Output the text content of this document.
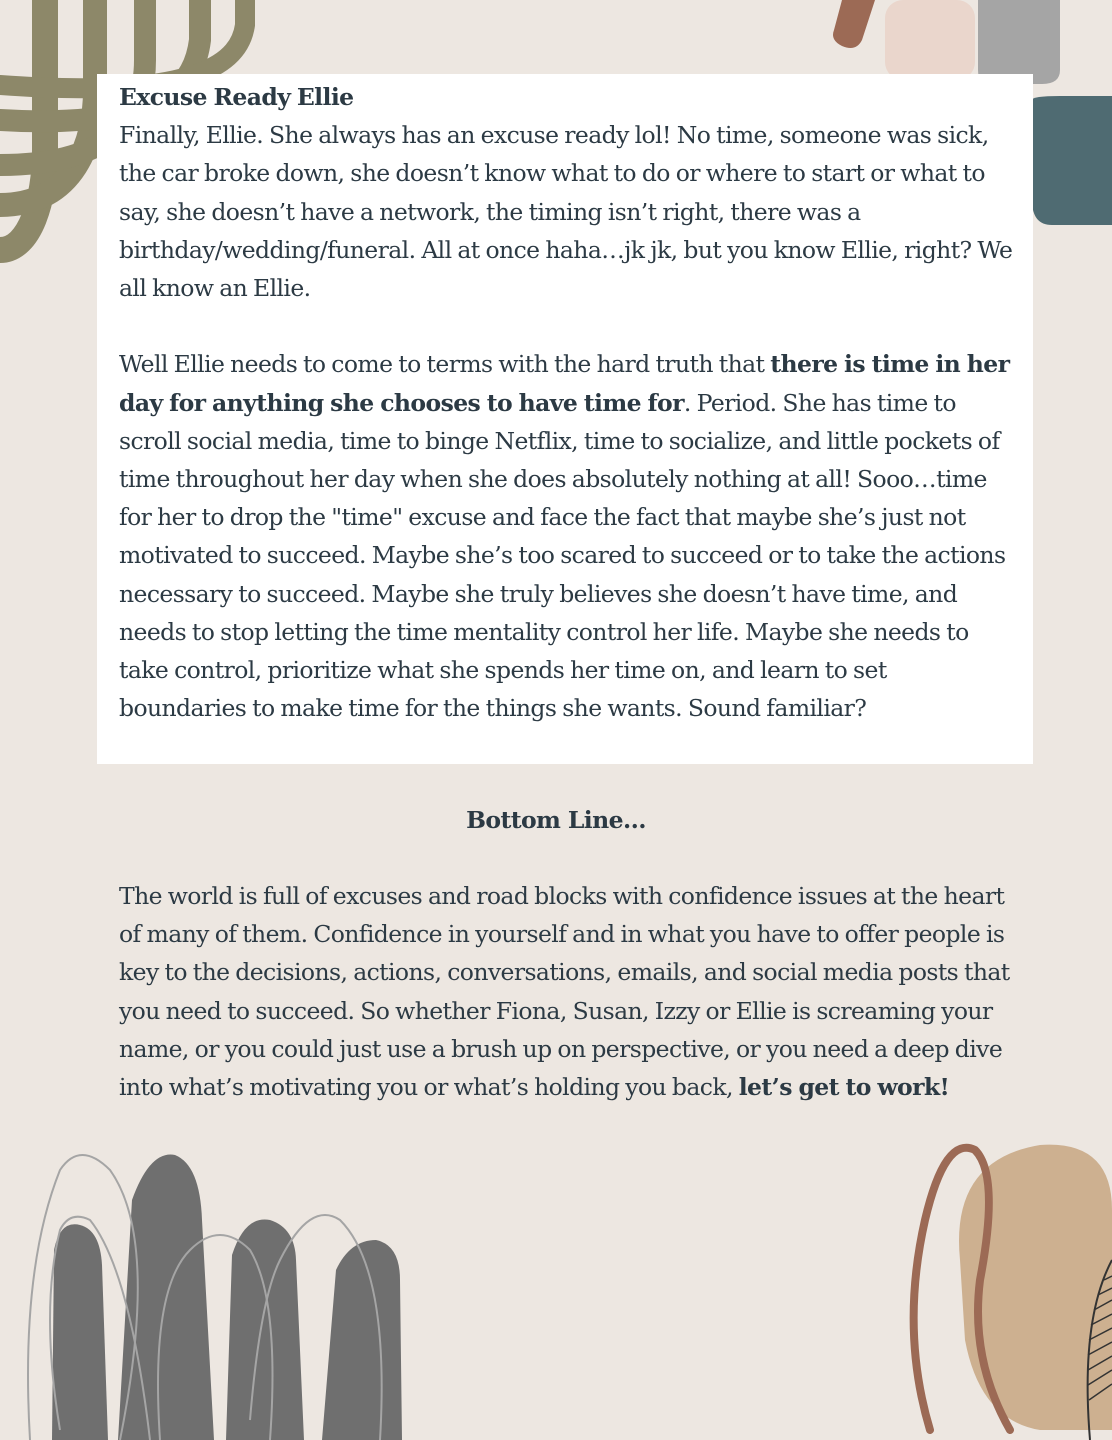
Excuse Ready Ellie

Finally, Ellie. She always has an excuse ready lol! No time, someone was sick, the car broke down, she doesn’t know what to do or where to start or what to say, she doesn’t have a network, the timing isn’t right, there was a birthday/wedding/funeral. All at once haha…jk jk, but you know Ellie, right? We all know an Ellie.

Well Ellie needs to come to terms with the hard truth that there is time in her day for anything she chooses to have time for. Period. She has time to scroll social media, time to binge Netflix, time to socialize, and little pockets of time throughout her day when she does absolutely nothing at all! Sooo…time for her to drop the "time" excuse and face the fact that maybe she’s just not motivated to succeed. Maybe she’s too scared to succeed or to take the actions necessary to succeed. Maybe she truly believes she doesn’t have time, and needs to stop letting the time mentality control her life. Maybe she needs to take control, prioritize what she spends her time on, and learn to set boundaries to make time for the things she wants. Sound familiar?

Bottom Line…

The world is full of excuses and road blocks with confidence issues at the heart of many of them. Confidence in yourself and in what you have to offer people is key to the decisions, actions, conversations, emails, and social media posts that you need to succeed. So whether Fiona, Susan, Izzy or Ellie is screaming your name, or you could just use a brush up on perspective, or you need a deep dive into what’s motivating you or what’s holding you back, let’s get to work!
